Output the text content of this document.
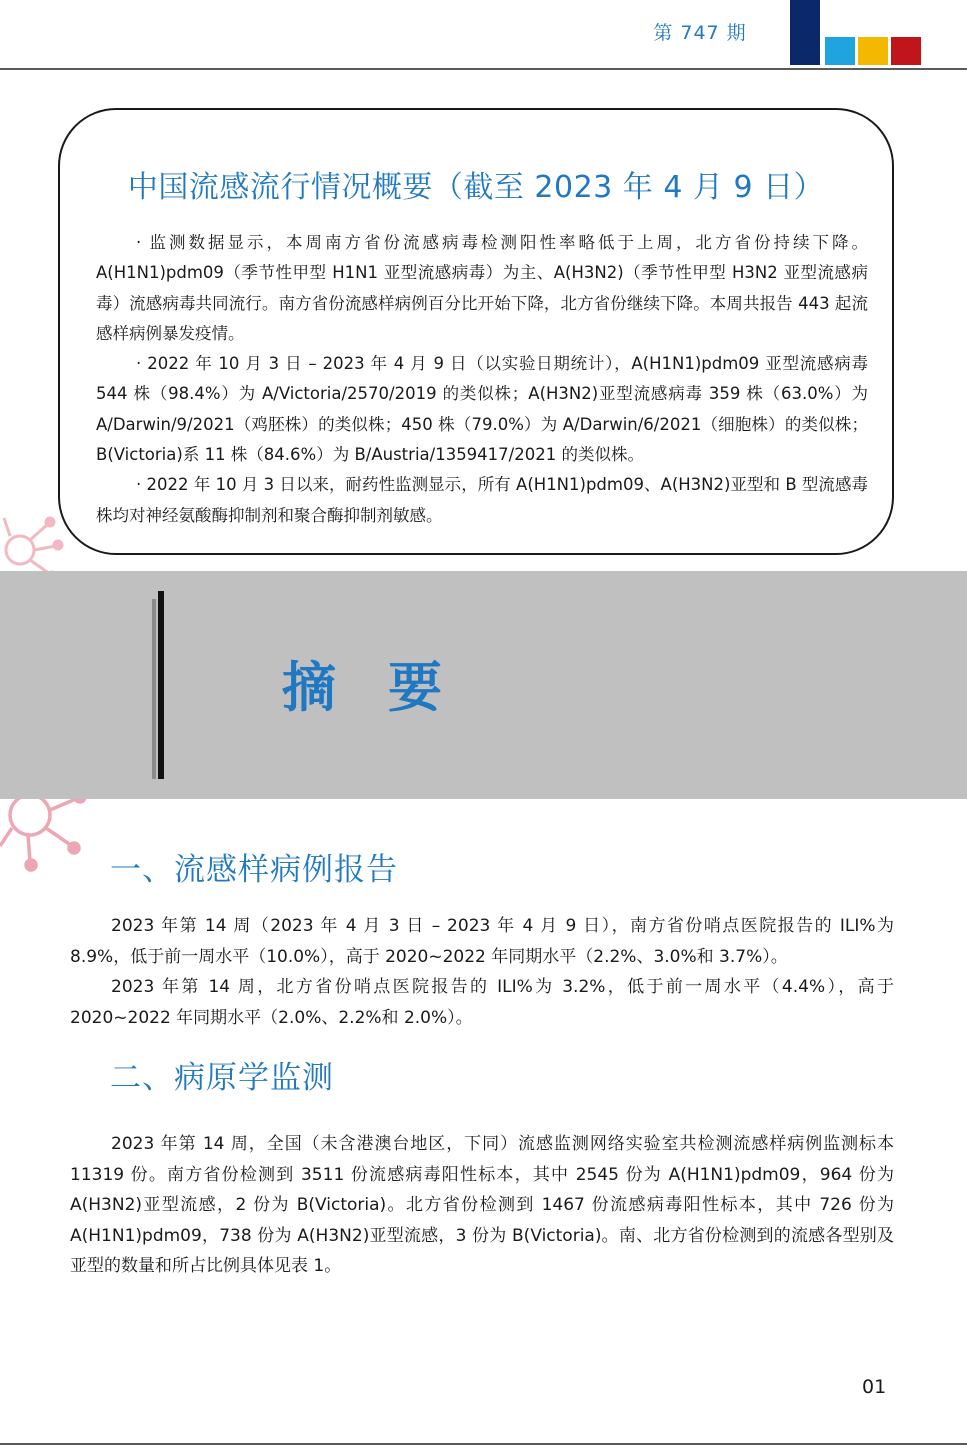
第 747 期
中国流感流行情况概要（截至 2023 年 4 月 9 日）

· 监测数据显示，本周南方省份流感病毒检测阳性率略低于上周，北方省份持续下降。A(H1N1)pdm09（季节性甲型 H1N1 亚型流感病毒）为主、A(H3N2)（季节性甲型 H3N2 亚型流感病毒）流感病毒共同流行。南方省份流感样病例百分比开始下降，北方省份继续下降。本周共报告 443 起流感样病例暴发疫情。

· 2022 年 10 月 3 日 – 2023 年 4 月 9 日（以实验日期统计），A(H1N1)pdm09 亚型流感病毒 544 株（98.4%）为 A/Victoria/2570/2019 的类似株；A(H3N2)亚型流感病毒 359 株（63.0%）为 A/Darwin/9/2021（鸡胚株）的类似株；450 株（79.0%）为 A/Darwin/6/2021（细胞株）的类似株；B(Victoria)系 11 株（84.6%）为 B/Austria/1359417/2021 的类似株。

· 2022 年 10 月 3 日以来，耐药性监测显示，所有 A(H1N1)pdm09、A(H3N2)亚型和 B 型流感毒株均对神经氨酸酶抑制剂和聚合酶抑制剂敏感。

摘要
一、流感样病例报告

2023 年第 14 周（2023 年 4 月 3 日 – 2023 年 4 月 9 日），南方省份哨点医院报告的 ILI%为 8.9%，低于前一周水平（10.0%），高于 2020~2022 年同期水平（2.2%、3.0%和 3.7%）。

2023 年第 14 周，北方省份哨点医院报告的 ILI%为 3.2%，低于前一周水平（4.4%），高于 2020~2022 年同期水平（2.0%、2.2%和 2.0%）。

二、病原学监测

2023 年第 14 周，全国（未含港澳台地区，下同）流感监测网络实验室共检测流感样病例监测标本 11319 份。南方省份检测到 3511 份流感病毒阳性标本，其中 2545 份为 A(H1N1)pdm09，964 份为 A(H3N2)亚型流感，2 份为 B(Victoria)。北方省份检测到 1467 份流感病毒阳性标本，其中 726 份为 A(H1N1)pdm09，738 份为 A(H3N2)亚型流感，3 份为 B(Victoria)。南、北方省份检测到的流感各型别及亚型的数量和所占比例具体见表 1。

01
